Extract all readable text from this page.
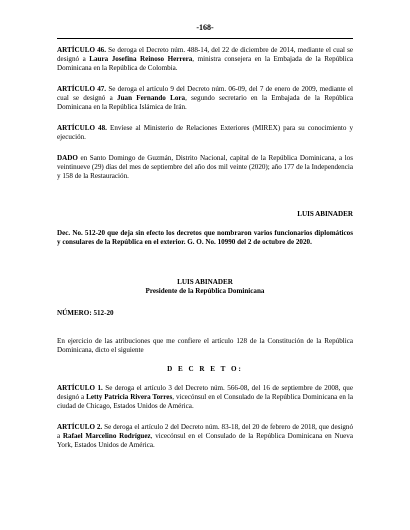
-168-

ARTÍCULO 46. Se deroga el Decreto núm. 488-14, del 22 de diciembre de 2014, mediante el cual se designó a Laura Josefina Reinoso Herrera, ministra consejera en la Embajada de la República Dominicana en la República de Colombia.

ARTÍCULO 47. Se deroga el artículo 9 del Decreto núm. 06-09, del 7 de enero de 2009, mediante el cual se designó a Juan Fernando Lora, segundo secretario en la Embajada de la República Dominicana en la República Islámica de Irán.

ARTÍCULO 48. Envíese al Ministerio de Relaciones Exteriores (MIREX) para su conocimiento y ejecución.

DADO en Santo Domingo de Guzmán, Distrito Nacional, capital de la República Dominicana, a los veintinueve (29) días del mes de septiembre del año dos mil veinte (2020); año 177 de la Independencia y 158 de la Restauración.

LUIS ABINADER

Dec. No. 512-20 que deja sin efecto los decretos que nombraron varios funcionarios diplomáticos y consulares de la República en el exterior. G. O. No. 10990 del 2 de octubre de 2020.

LUIS ABINADER

Presidente de la República Dominicana

NÚMERO: 512-20

En ejercicio de las atribuciones que me confiere el artículo 128 de la Constitución de la República Dominicana, dicto el siguiente

D E C R E T O:

ARTÍCULO 1. Se deroga el artículo 3 del Decreto núm. 566-08, del 16 de septiembre de 2008, que designó a Letty Patricia Rivera Torres, vicecónsul en el Consulado de la República Dominicana en la ciudad de Chicago, Estados Unidos de América.

ARTÍCULO 2. Se deroga el artículo 2 del Decreto núm. 83-18, del 20 de febrero de 2018, que designó a Rafael Marcelino Rodríguez, vicecónsul en el Consulado de la República Dominicana en Nueva York, Estados Unidos de América.
